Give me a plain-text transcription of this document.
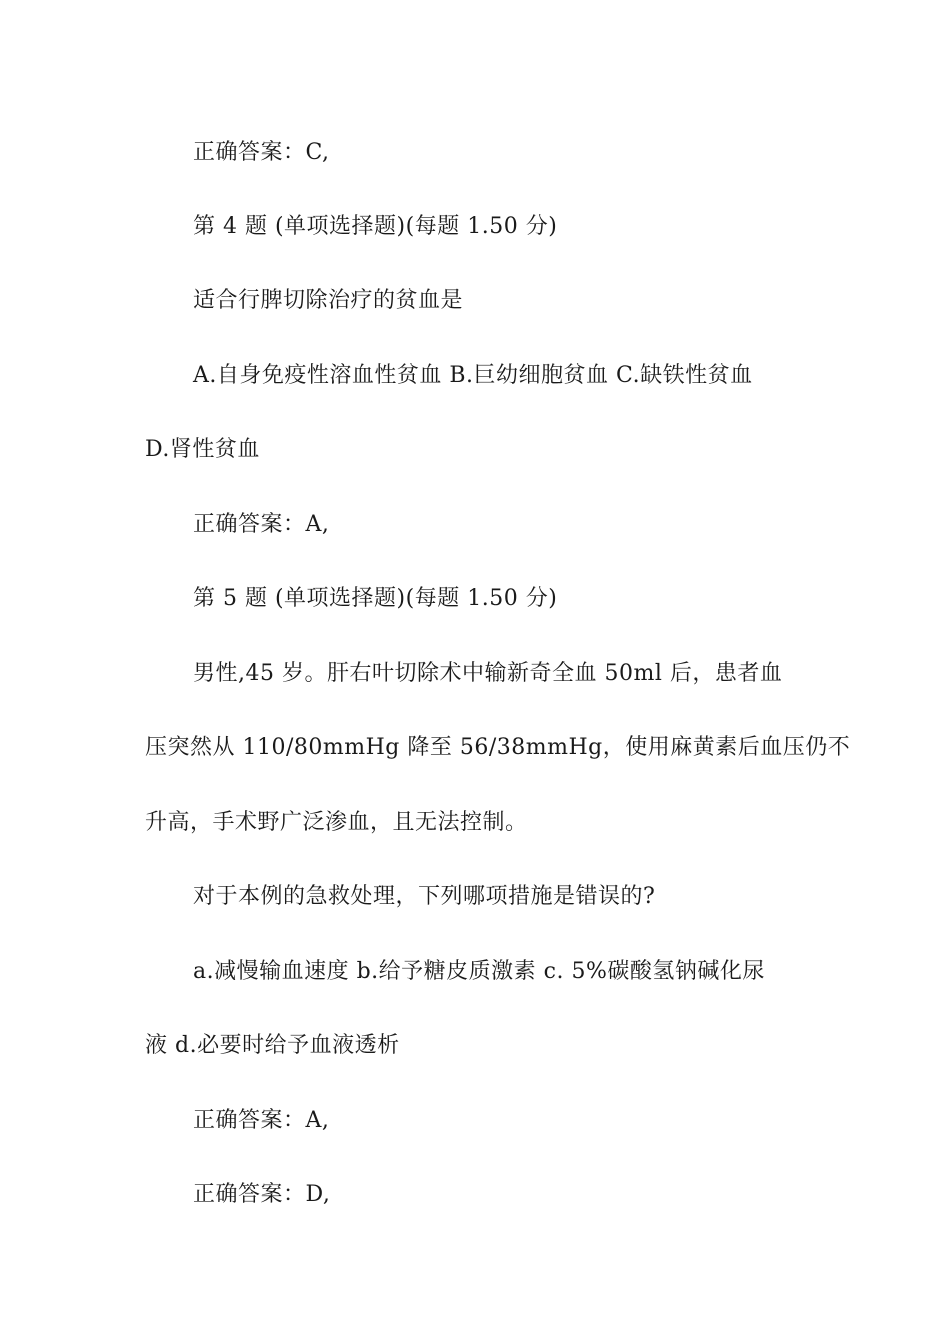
正确答案：C,
第 4 题 (单项选择题)(每题 1.50 分)
适合行脾切除治疗的贫血是
A.自身免疫性溶血性贫血 B.巨幼细胞贫血 C.缺铁性贫血
D.肾性贫血
正确答案：A,
第 5 题 (单项选择题)(每题 1.50 分)
男性,45 岁。肝右叶切除术中输新奇全血 50ml 后，患者血
压突然从 110/80mmHg 降至 56/38mmHg，使用麻黄素后血压仍不
升高，手术野广泛渗血，且无法控制。
对于本例的急救处理，下列哪项措施是错误的?
a.减慢输血速度 b.给予糖皮质激素 c. 5%碳酸氢钠碱化尿
液 d.必要时给予血液透析
正确答案：A,
正确答案：D,
